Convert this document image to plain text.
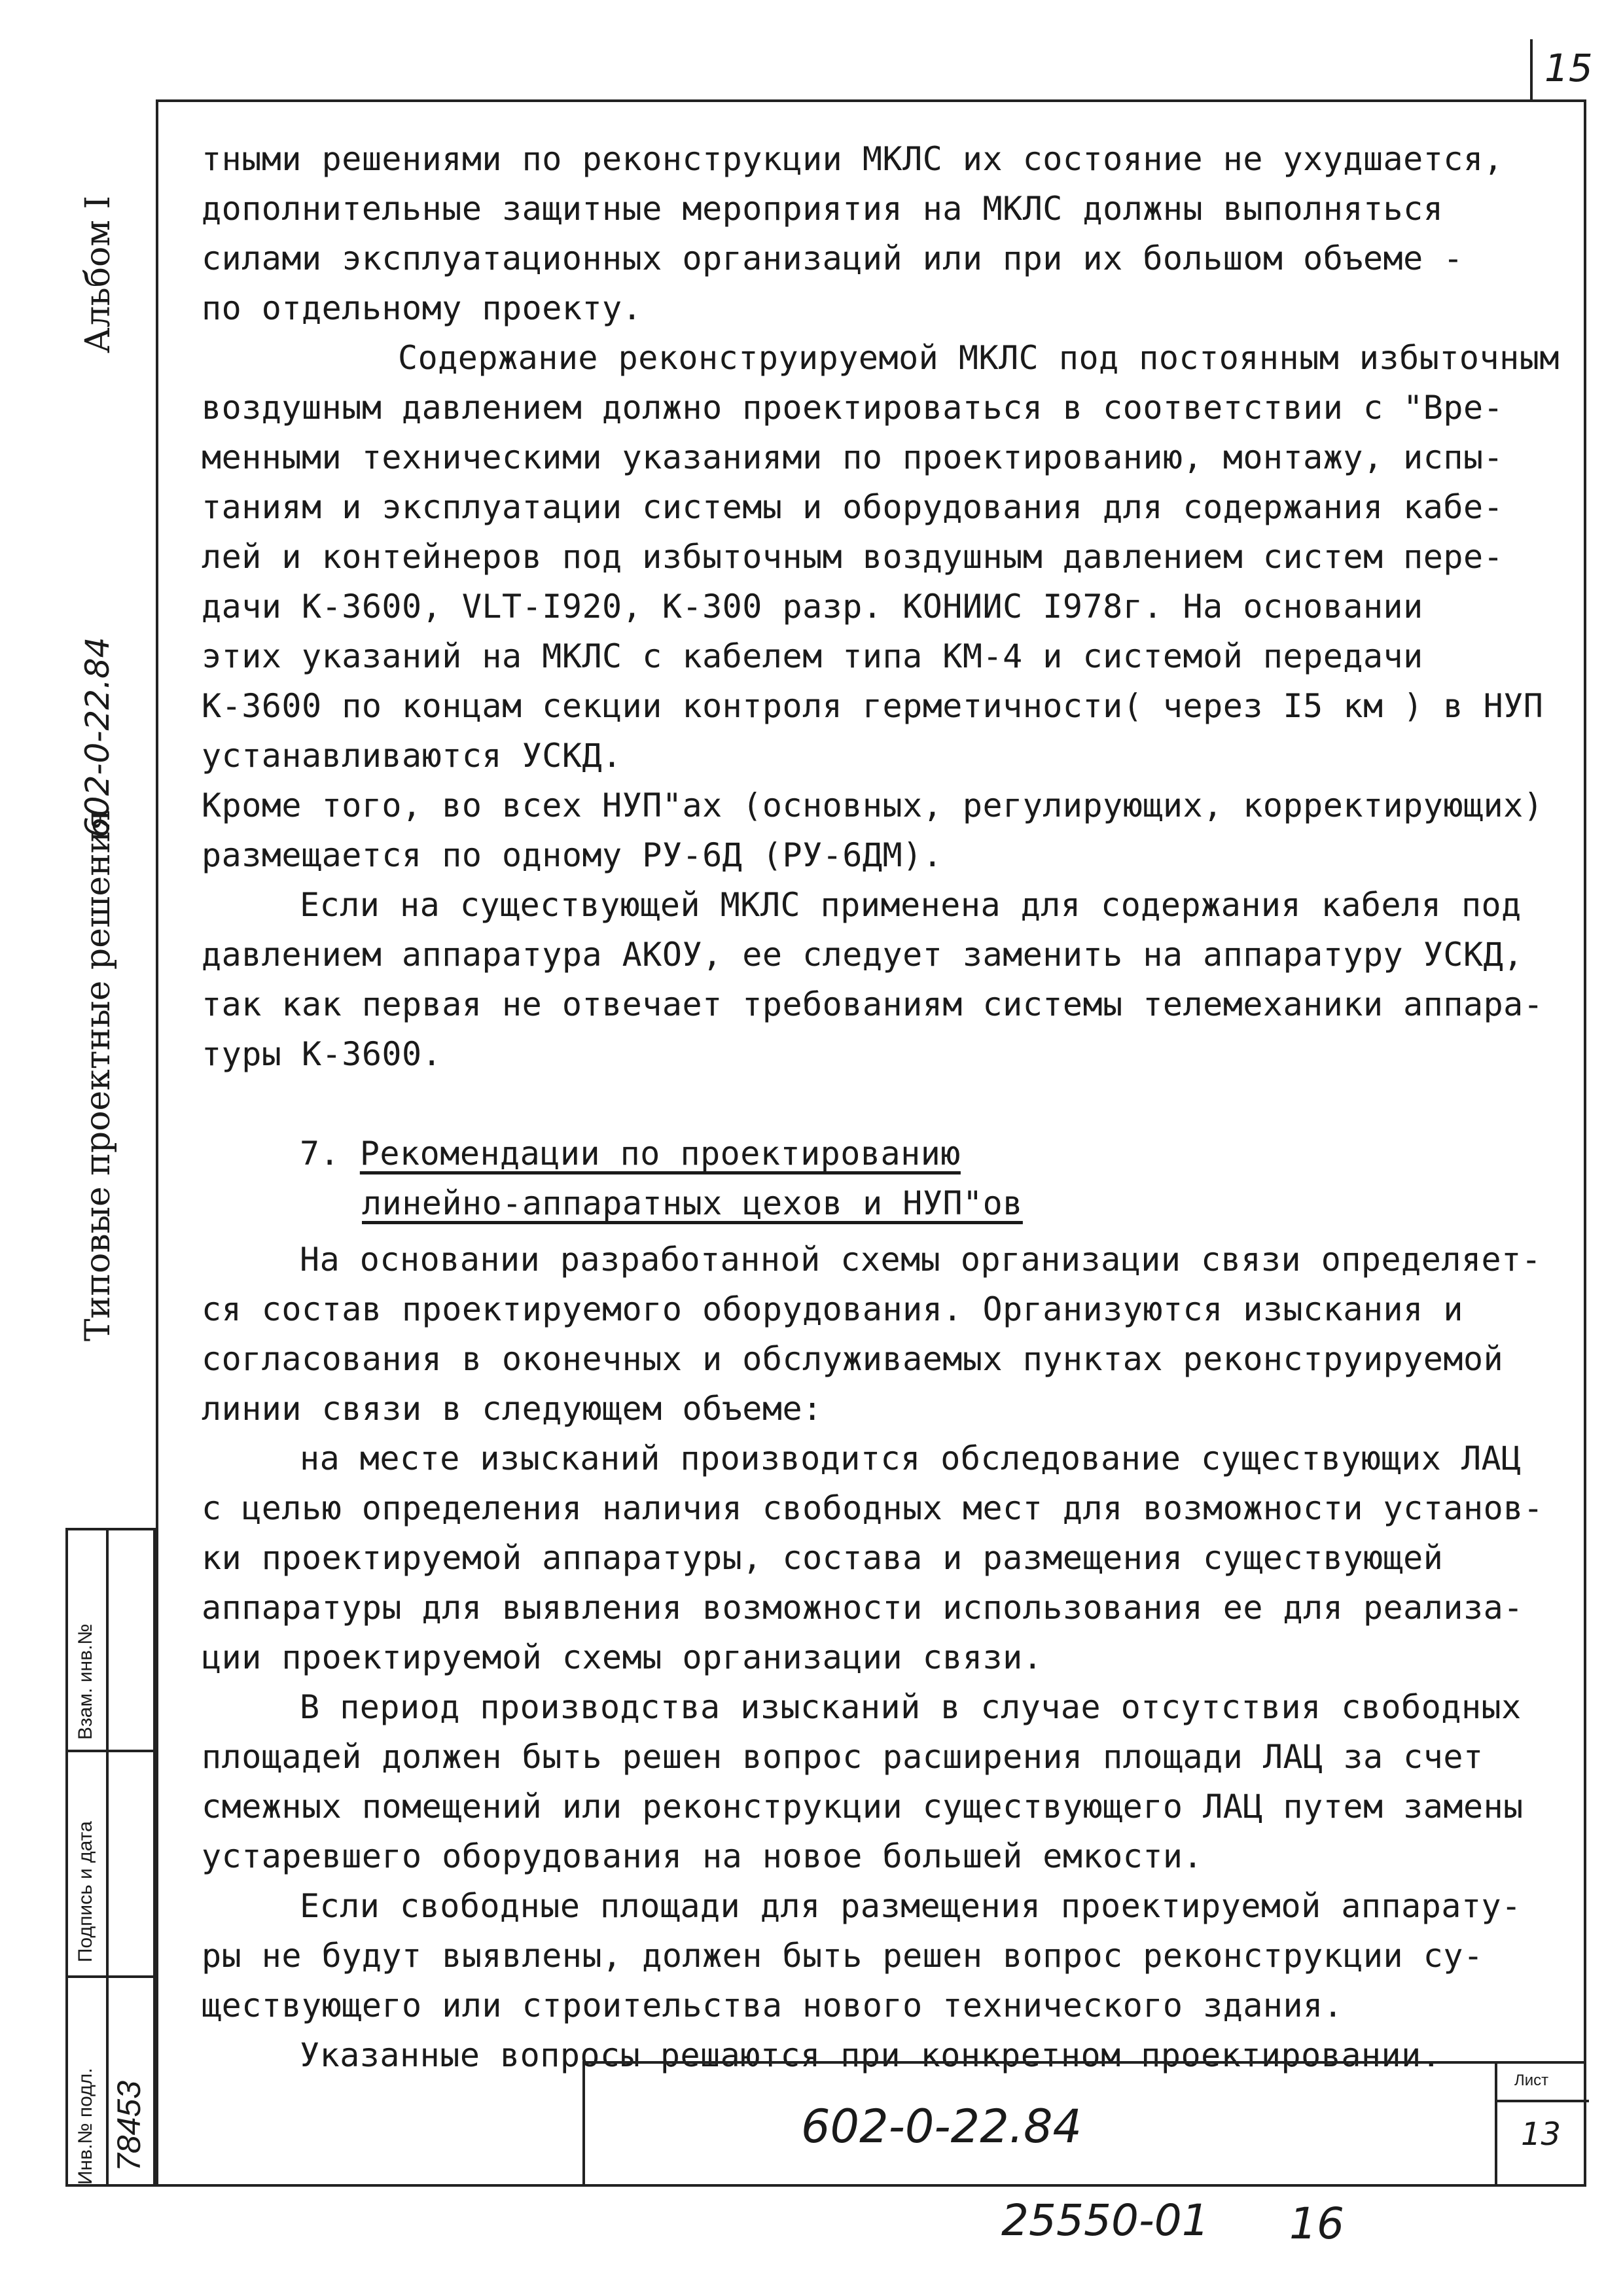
15
Альбом I
Типовые проектные решения
602-0-22.84
Инв.№ подл. 78453
Подпись и дата
Взам. инв.№

тными решениями по реконструкции МКЛС их состояние не ухудшается,
дополнительные защитные мероприятия на МКЛС должны выполняться
силами эксплуатационных организаций или при их большом объеме -
по отдельному проекту.

Содержание реконструируемой МКЛС под постоянным избыточным
воздушным давлением должно проектироваться в соответствии с "Вре-
менными техническими указаниями по проектированию, монтажу, испы-
таниям и эксплуатации системы и оборудования для содержания кабе-
лей и контейнеров под избыточным воздушным давлением систем пере-
дачи К-3600, VLT-I920, К-300 разр. КОНИИС I978г. На основании
этих указаний на МКЛС с кабелем типа КМ-4 и системой передачи
К-3600 по концам секции контроля герметичности( через I5 км ) в НУП
устанавливаются УСКД.

Кроме того, во всех НУП"ах (основных, регулирующих, корректирующих)
размещается по одному РУ-6Д (РУ-6ДМ).

Если на существующей МКЛС применена для содержания кабеля под
давлением аппаратура АКОУ, ее следует заменить на аппаратуру УСКД,
так как первая не отвечает требованиям системы телемеханики аппара-
туры К-3600.

7. Рекомендации по проектированию
линейно-аппаратных цехов и НУП"ов

На основании разработанной схемы организации связи определяет-
ся состав проектируемого оборудования. Организуются изыскания и
согласования в оконечных и обслуживаемых пунктах реконструируемой
линии связи в следующем объеме:

на месте изысканий производится обследование существующих ЛАЦ
с целью определения наличия свободных мест для возможности установ-
ки проектируемой аппаратуры, состава и размещения существующей
аппаратуры для выявления возможности использования ее для реализа-
ции проектируемой схемы организации связи.

В период производства изысканий в случае отсутствия свободных
площадей должен быть решен вопрос расширения площади ЛАЦ за счет
смежных помещений или реконструкции существующего ЛАЦ путем замены
устаревшего оборудования на новое большей емкости.

Если свободные площади для размещения проектируемой аппарату-
ры не будут выявлены, должен быть решен вопрос реконструкции су-
ществующего или строительства нового технического здания.

Указанные вопросы решаются при конкретном проектировании.

602-0-22.84
Лист
13
25550-01 16
